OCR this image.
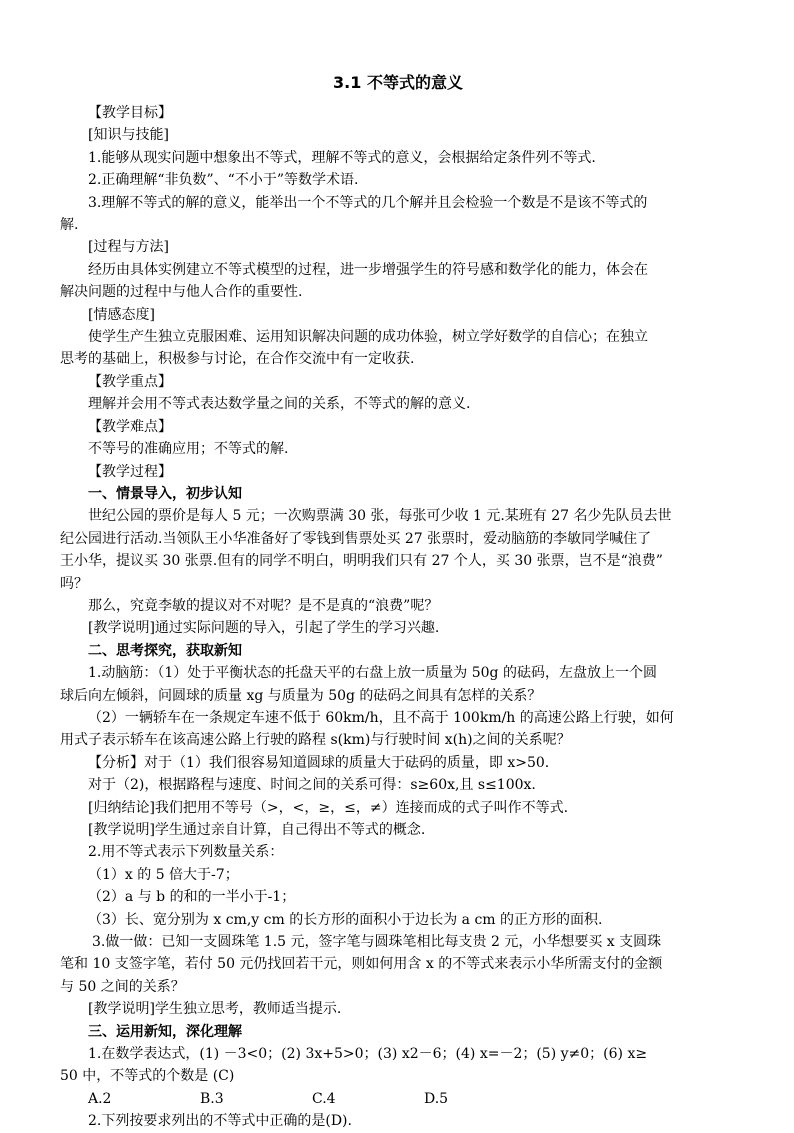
3.1 不等式的意义
【教学目标】
[知识与技能]
1.能够从现实问题中想象出不等式，理解不等式的意义，会根据给定条件列不等式.
2.正确理解“非负数”、“不小于”等数学术语.
3.理解不等式的解的意义，能举出一个不等式的几个解并且会检验一个数是不是该不等式的
解.
[过程与方法]
经历由具体实例建立不等式模型的过程，进一步增强学生的符号感和数学化的能力，体会在
解决问题的过程中与他人合作的重要性.
[情感态度]
使学生产生独立克服困难、运用知识解决问题的成功体验，树立学好数学的自信心；在独立
思考的基础上，积极参与讨论，在合作交流中有一定收获.
【教学重点】
理解并会用不等式表达数学量之间的关系，不等式的解的意义.
【教学难点】
不等号的准确应用；不等式的解.
【教学过程】
一、情景导入，初步认知
世纪公园的票价是每人 5 元；一次购票满 30 张，每张可少收 1 元.某班有 27 名少先队员去世
纪公园进行活动.当领队王小华准备好了零钱到售票处买 27 张票时，爱动脑筋的李敏同学喊住了
王小华，提议买 30 张票.但有的同学不明白，明明我们只有 27 个人，买 30 张票，岂不是“浪费”
吗？
那么，究竟李敏的提议对不对呢？是不是真的“浪费”呢？
[教学说明]通过实际问题的导入，引起了学生的学习兴趣.
二、思考探究，获取新知
1.动脑筋：（1）处于平衡状态的托盘天平的右盘上放一质量为 50g 的砝码，左盘放上一个圆
球后向左倾斜，问圆球的质量 xg 与质量为 50g 的砝码之间具有怎样的关系？
（2）一辆轿车在一条规定车速不低于 60km/h，且不高于 100km/h 的高速公路上行驶，如何
用式子表示轿车在该高速公路上行驶的路程 s(km)与行驶时间 x(h)之间的关系呢？
【分析】对于（1）我们很容易知道圆球的质量大于砝码的质量，即 x>50.
对于（2)，根据路程与速度、时间之间的关系可得：s≥60x,且 s≤100x.
[归纳结论]我们把用不等号（>，<，≥，≤，≠）连接而成的式子叫作不等式.
[教学说明]学生通过亲自计算，自己得出不等式的概念.
2.用不等式表示下列数量关系：
（1）x 的 5 倍大于-7；
（2）a 与 b 的和的一半小于-1；
（3）长、宽分别为 x cm,y cm 的长方形的面积小于边长为 a cm 的正方形的面积.
3.做一做：已知一支圆珠笔 1.5 元，签字笔与圆珠笔相比每支贵 2 元，小华想要买 x 支圆珠
笔和 10 支签字笔，若付 50 元仍找回若干元，则如何用含 x 的不等式来表示小华所需支付的金额
与 50 之间的关系？
[教学说明]学生独立思考，教师适当提示.
三、运用新知，深化理解
1.在数学表达式，(1) －3<0；(2) 3x+5>0；(3) x2－6；(4) x=－2；(5) y≠0；(6) x≥
50 中，不等式的个数是 (C)
A.2	B.3	C.4	D.5
2.下列按要求列出的不等式中正确的是(D).
